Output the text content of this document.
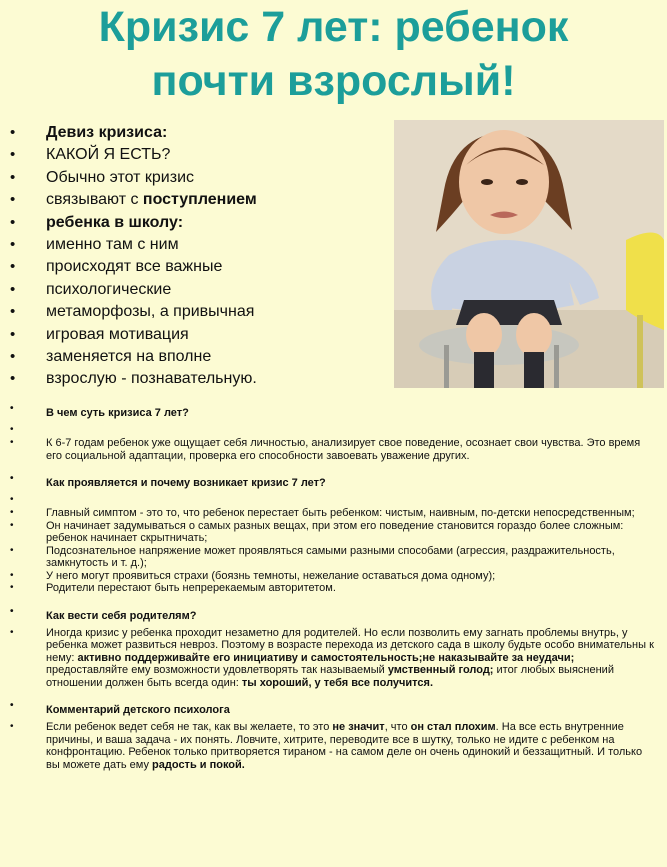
Кризис 7 лет: ребенок
почти взрослый!
• Девиз кризиса:
• КАКОЙ Я ЕСТЬ?
• Обычно этот кризис
• связывают с поступлением
• ребенка в школу:
• именно там с ним
• происходят все важные
• психологические
• метаморфозы, а привычная
• игровая мотивация
• заменяется на вполне
• взрослую - познавательную.
• В чем суть кризиса 7 лет?
•
• К 6-7 годам ребенок уже ощущает себя личностью, анализирует свое поведение, осознает свои чувства. Это время его социальной адаптации, проверка его способности завоевать уважение других.
• Как проявляется и почему возникает кризис 7 лет?
•
• Главный симптом - это то, что ребенок перестает быть ребенком: чистым, наивным, по-детски непосредственным;
• Он начинает задумываться о самых разных вещах, при этом его поведение становится гораздо более сложным: ребенок начинает скрытничать;
• Подсознательное напряжение может проявляться самыми разными способами (агрессия, раздражительность, замкнутость и т. д.);
• У него могут проявиться страхи (боязнь темноты, нежелание оставаться дома одному);
• Родители перестают быть непререкаемым авторитетом.
• Как вести себя родителям?
• Иногда кризис у ребенка проходит незаметно для родителей. Но если позволить ему загнать проблемы внутрь, у ребенка может развиться невроз. Поэтому в возрасте перехода из детского сада в школу будьте особо внимательны к нему: активно поддерживайте его инициативу и самостоятельность;не наказывайте за неудачи; предоставляйте ему возможности удовлетворять так называемый умственный голод; итог любых выяснений отношении должен быть всегда один: ты хороший, у тебя все получится.
• Комментарий детского психолога
• Если ребенок ведет себя не так, как вы желаете, то это не значит, что он стал плохим. На все есть внутренние причины, и ваша задача - их понять. Ловчите, хитрите, переводите все в шутку, только не идите с ребенком на конфронтацию. Ребенок только притворяется тираном - на самом деле он очень одинокий и беззащитный. И только вы можете дать ему радость и покой.
